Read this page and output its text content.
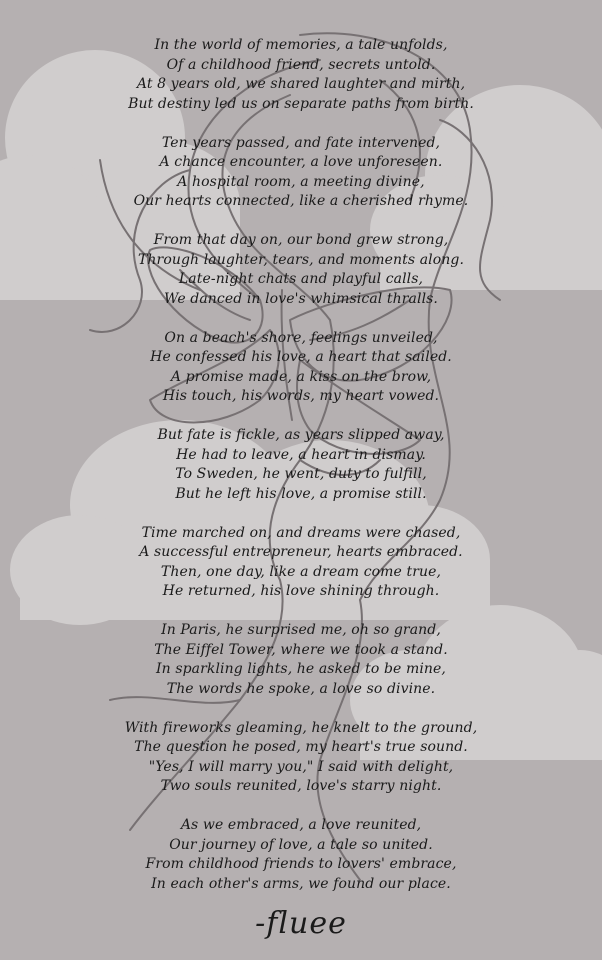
In the world of memories, a tale unfolds,
Of a childhood friend, secrets untold.
At 8 years old, we shared laughter and mirth,
But destiny led us on separate paths from birth.
Ten years passed, and fate intervened,
A chance encounter, a love unforeseen.
A hospital room, a meeting divine,
Our hearts connected, like a cherished rhyme.
From that day on, our bond grew strong,
Through laughter, tears, and moments along.
Late-night chats and playful calls,
We danced in love's whimsical thralls.
On a beach's shore, feelings unveiled,
He confessed his love, a heart that sailed.
A promise made, a kiss on the brow,
His touch, his words, my heart vowed.
But fate is fickle, as years slipped away,
He had to leave, a heart in dismay.
To Sweden, he went, duty to fulfill,
But he left his love, a promise still.
Time marched on, and dreams were chased,
A successful entrepreneur, hearts embraced.
Then, one day, like a dream come true,
He returned, his love shining through.
In Paris, he surprised me, oh so grand,
The Eiffel Tower, where we took a stand.
In sparkling lights, he asked to be mine,
The words he spoke, a love so divine.
With fireworks gleaming, he knelt to the ground,
The question he posed, my heart's true sound.
"Yes, I will marry you," I said with delight,
Two souls reunited, love's starry night.
As we embraced, a love reunited,
Our journey of love, a tale so united.
From childhood friends to lovers' embrace,
In each other's arms, we found our place.
-fluee
